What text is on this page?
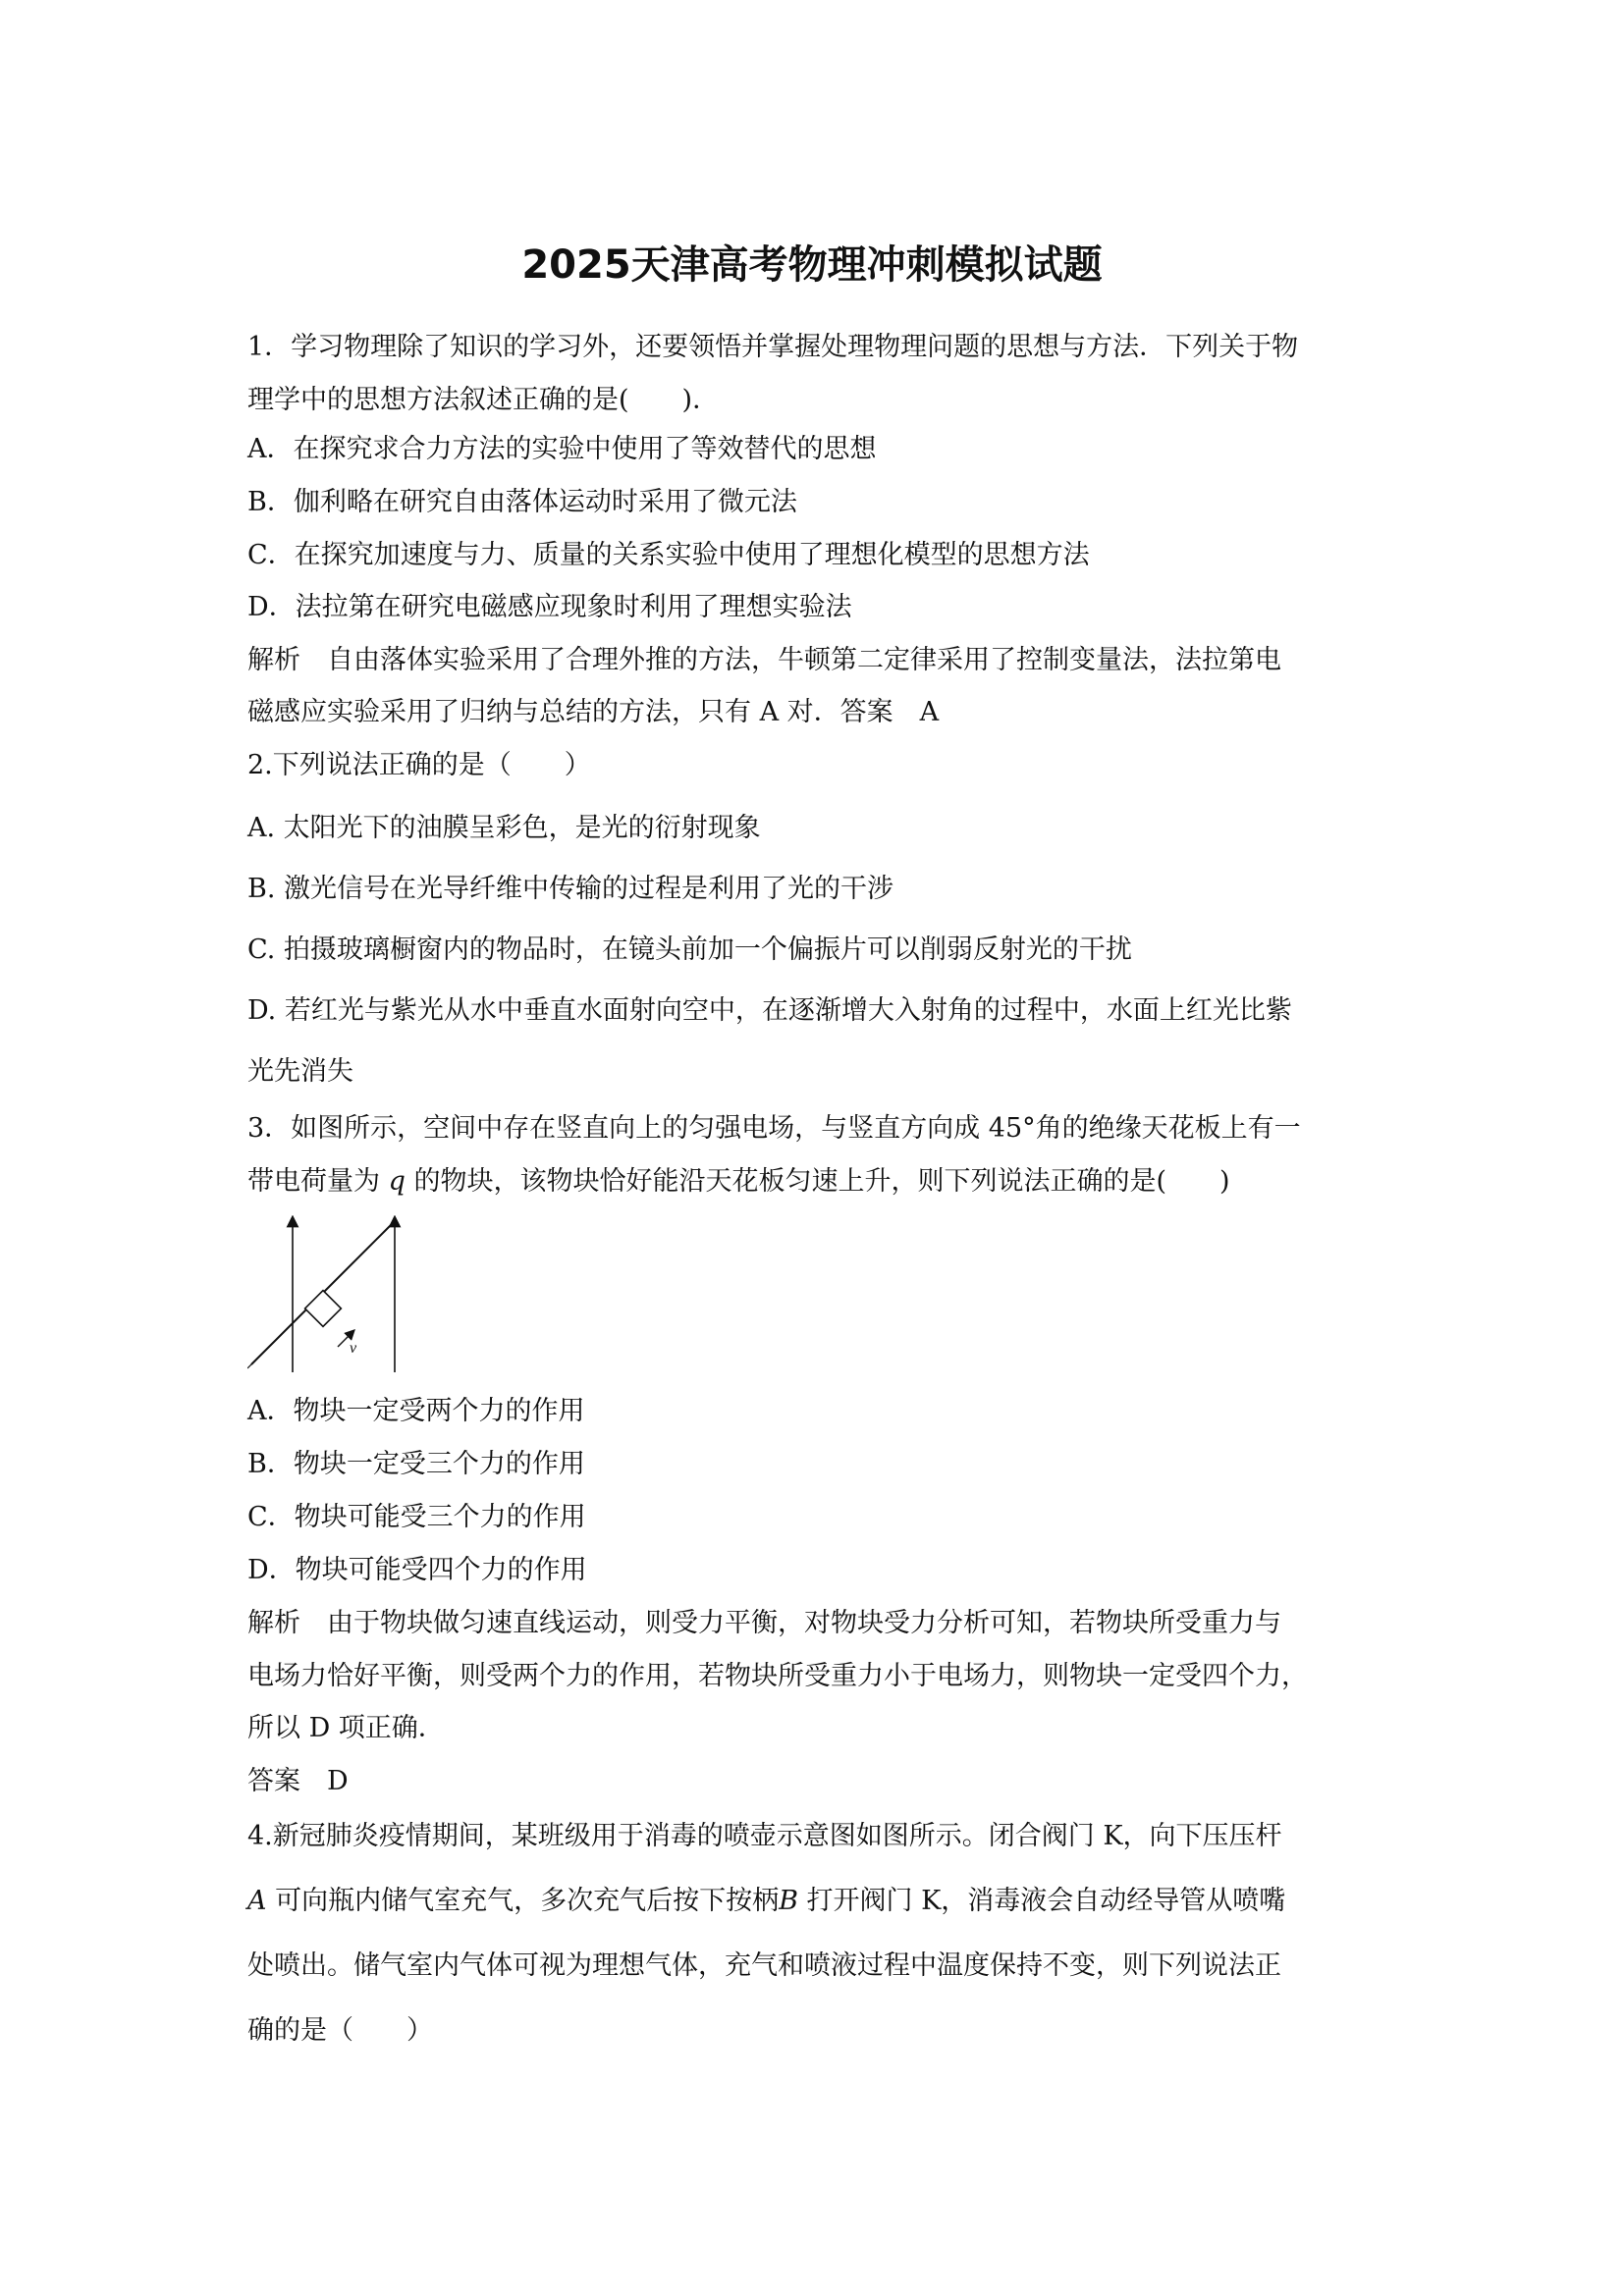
2025天津高考物理冲刺模拟试题
1．学习物理除了知识的学习外，还要领悟并掌握处理物理问题的思想与方法．下列关于物
理学中的思想方法叙述正确的是(　　)．
A．在探究求合力方法的实验中使用了等效替代的思想
B．伽利略在研究自由落体运动时采用了微元法
C．在探究加速度与力、质量的关系实验中使用了理想化模型的思想方法
D．法拉第在研究电磁感应现象时利用了理想实验法
解析　自由落体实验采用了合理外推的方法，牛顿第二定律采用了控制变量法，法拉第电
磁感应实验采用了归纳与总结的方法，只有 A 对．答案　A
2.下列说法正确的是（　　）
A. 太阳光下的油膜呈彩色，是光的衍射现象
B. 激光信号在光导纤维中传输的过程是利用了光的干涉
C. 拍摄玻璃橱窗内的物品时，在镜头前加一个偏振片可以削弱反射光的干扰
D. 若红光与紫光从水中垂直水面射向空中，在逐渐增大入射角的过程中，水面上红光比紫
光先消失
3．如图所示，空间中存在竖直向上的匀强电场，与竖直方向成 45°角的绝缘天花板上有一
带电荷量为 q 的物块，该物块恰好能沿天花板匀速上升，则下列说法正确的是(　　)
v
A．物块一定受两个力的作用
B．物块一定受三个力的作用
C．物块可能受三个力的作用
D．物块可能受四个力的作用
解析　由于物块做匀速直线运动，则受力平衡，对物块受力分析可知，若物块所受重力与
电场力恰好平衡，则受两个力的作用，若物块所受重力小于电场力，则物块一定受四个力，
所以 D 项正确．
答案　D
4.新冠肺炎疫情期间，某班级用于消毒的喷壶示意图如图所示。闭合阀门 K，向下压压杆
A 可向瓶内储气室充气，多次充气后按下按柄B 打开阀门 K，消毒液会自动经导管从喷嘴
处喷出。储气室内气体可视为理想气体，充气和喷液过程中温度保持不变，则下列说法正
确的是（　　）
